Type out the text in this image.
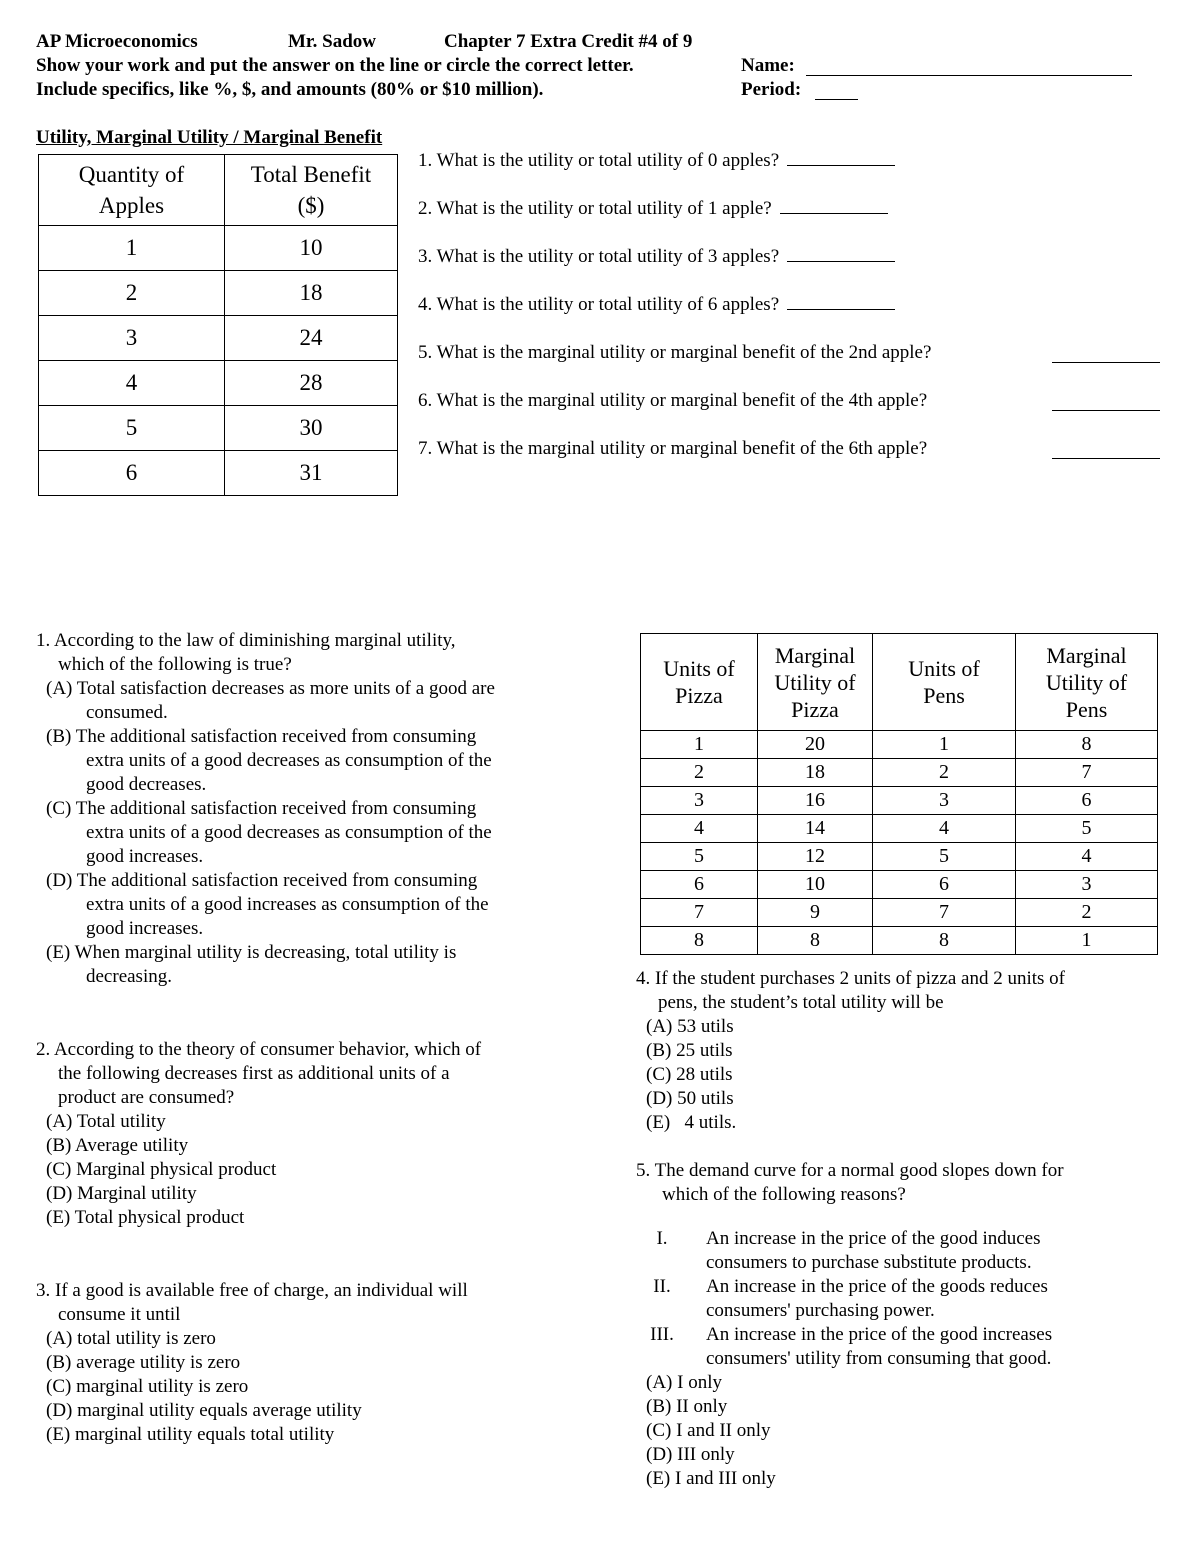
AP Microeconomics	Mr. Sadow	Chapter 7 Extra Credit #4 of 9
Show your work and put the answer on the line or circle the correct letter.
Include specifics, like %, $, and amounts (80% or $10 million).
Name:
Period:
Utility, Marginal Utility / Marginal Benefit
Quantity of
Apples	Total Benefit
($)

1	10
2	18
3	24
4	28
5	30
6	31
1. What is the utility or total utility of 0 apples?
2. What is the utility or total utility of 1 apple?
3. What is the utility or total utility of 3 apples?
4. What is the utility or total utility of 6 apples?
5. What is the marginal utility or marginal benefit of the 2nd apple?
6. What is the marginal utility or marginal benefit of the 4th apple?
7. What is the marginal utility or marginal benefit of the 6th apple?
1. According to the law of diminishing marginal utility,
which of the following is true?
(A) Total satisfaction decreases as more units of a good are
consumed.
(B) The additional satisfaction received from consuming
extra units of a good decreases as consumption of the
good decreases.
(C) The additional satisfaction received from consuming
extra units of a good decreases as consumption of the
good increases.
(D) The additional satisfaction received from consuming
extra units of a good increases as consumption of the
good increases.
(E) When marginal utility is decreasing, total utility is
decreasing.
2. According to the theory of consumer behavior, which of
the following decreases first as additional units of a
product are consumed?
(A) Total utility
(B) Average utility
(C) Marginal physical product
(D) Marginal utility
(E) Total physical product
3. If a good is available free of charge, an individual will
consume it until
(A) total utility is zero
(B) average utility is zero
(C) marginal utility is zero
(D) marginal utility equals average utility
(E) marginal utility equals total utility
Units of
Pizza	Marginal
Utility of
Pizza	Units of
Pens	Marginal
Utility of
Pens

1	20	1	8
2	18	2	7
3	16	3	6
4	14	4	5
5	12	5	4
6	10	6	3
7	9	7	2
8	8	8	1
4. If the student purchases 2 units of pizza and 2 units of
pens, the student’s total utility will be
(A) 53 utils
(B) 25 utils
(C) 28 utils
(D) 50 utils
(E)   4 utils.
5. The demand curve for a normal good slopes down for
which of the following reasons?
I.	An increase in the price of the good induces
consumers to purchase substitute products.
II.	An increase in the price of the goods reduces
consumers' purchasing power.
III.	An increase in the price of the good increases
consumers' utility from consuming that good.
(A) I only
(B) II only
(C) I and II only
(D) III only
(E) I and III only
